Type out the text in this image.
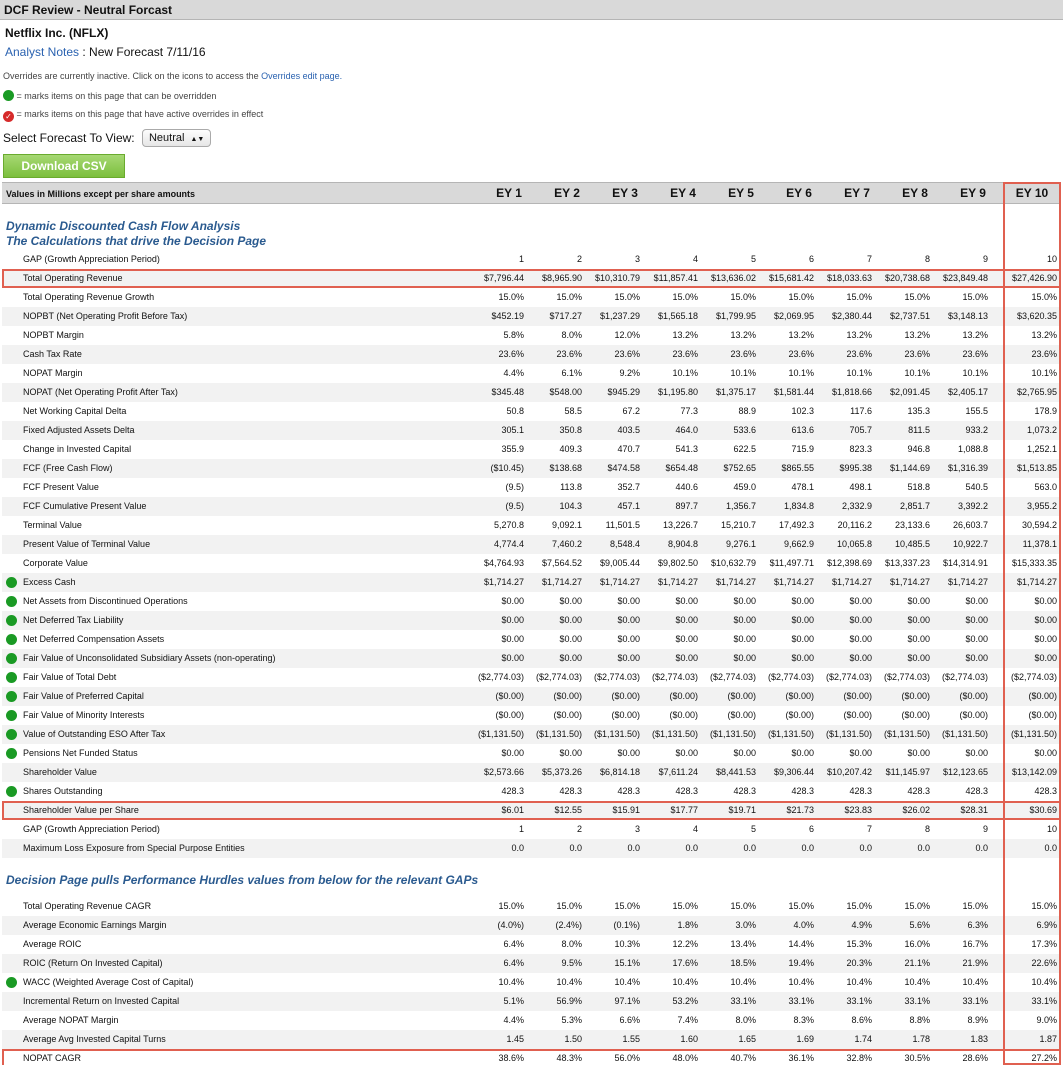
DCF Review - Neutral Forcast
Netflix Inc. (NFLX)
Analyst Notes : New Forecast 7/11/16
Overrides are currently inactive. Click on the icons to access the Overrides edit page.
= marks items on this page that can be overridden
✓ = marks items on this page that have active overrides in effect
Select Forecast To View: Neutral ▲▼
Download CSV
Values in Millions except per share amounts	EY 1	EY 2	EY 3	EY 4	EY 5	EY 6	EY 7	EY 8	EY 9	EY 10
Dynamic Discounted Cash Flow Analysis
The Calculations that drive the Decision Page
GAP (Growth Appreciation Period)	1	2	3	4	5	6	7	8	9	10
Total Operating Revenue	$7,796.44	$8,965.90	$10,310.79	$11,857.41	$13,636.02	$15,681.42	$18,033.63	$20,738.68	$23,849.48	$27,426.90
Total Operating Revenue Growth	15.0%	15.0%	15.0%	15.0%	15.0%	15.0%	15.0%	15.0%	15.0%	15.0%
NOPBT (Net Operating Profit Before Tax)	$452.19	$717.27	$1,237.29	$1,565.18	$1,799.95	$2,069.95	$2,380.44	$2,737.51	$3,148.13	$3,620.35
NOPBT Margin	5.8%	8.0%	12.0%	13.2%	13.2%	13.2%	13.2%	13.2%	13.2%	13.2%
Cash Tax Rate	23.6%	23.6%	23.6%	23.6%	23.6%	23.6%	23.6%	23.6%	23.6%	23.6%
NOPAT Margin	4.4%	6.1%	9.2%	10.1%	10.1%	10.1%	10.1%	10.1%	10.1%	10.1%
NOPAT (Net Operating Profit After Tax)	$345.48	$548.00	$945.29	$1,195.80	$1,375.17	$1,581.44	$1,818.66	$2,091.45	$2,405.17	$2,765.95
Net Working Capital Delta	50.8	58.5	67.2	77.3	88.9	102.3	117.6	135.3	155.5	178.9
Fixed Adjusted Assets Delta	305.1	350.8	403.5	464.0	533.6	613.6	705.7	811.5	933.2	1,073.2
Change in Invested Capital	355.9	409.3	470.7	541.3	622.5	715.9	823.3	946.8	1,088.8	1,252.1
FCF (Free Cash Flow)	($10.45)	$138.68	$474.58	$654.48	$752.65	$865.55	$995.38	$1,144.69	$1,316.39	$1,513.85
FCF Present Value	(9.5)	113.8	352.7	440.6	459.0	478.1	498.1	518.8	540.5	563.0
FCF Cumulative Present Value	(9.5)	104.3	457.1	897.7	1,356.7	1,834.8	2,332.9	2,851.7	3,392.2	3,955.2
Terminal Value	5,270.8	9,092.1	11,501.5	13,226.7	15,210.7	17,492.3	20,116.2	23,133.6	26,603.7	30,594.2
Present Value of Terminal Value	4,774.4	7,460.2	8,548.4	8,904.8	9,276.1	9,662.9	10,065.8	10,485.5	10,922.7	11,378.1
Corporate Value	$4,764.93	$7,564.52	$9,005.44	$9,802.50	$10,632.79	$11,497.71	$12,398.69	$13,337.23	$14,314.91	$15,333.35
Excess Cash	$1,714.27	$1,714.27	$1,714.27	$1,714.27	$1,714.27	$1,714.27	$1,714.27	$1,714.27	$1,714.27	$1,714.27
Net Assets from Discontinued Operations	$0.00	$0.00	$0.00	$0.00	$0.00	$0.00	$0.00	$0.00	$0.00	$0.00
Net Deferred Tax Liability	$0.00	$0.00	$0.00	$0.00	$0.00	$0.00	$0.00	$0.00	$0.00	$0.00
Net Deferred Compensation Assets	$0.00	$0.00	$0.00	$0.00	$0.00	$0.00	$0.00	$0.00	$0.00	$0.00
Fair Value of Unconsolidated Subsidiary Assets (non-operating)	$0.00	$0.00	$0.00	$0.00	$0.00	$0.00	$0.00	$0.00	$0.00	$0.00
Fair Value of Total Debt	($2,774.03)	($2,774.03)	($2,774.03)	($2,774.03)	($2,774.03)	($2,774.03)	($2,774.03)	($2,774.03)	($2,774.03)	($2,774.03)
Fair Value of Preferred Capital	($0.00)	($0.00)	($0.00)	($0.00)	($0.00)	($0.00)	($0.00)	($0.00)	($0.00)	($0.00)
Fair Value of Minority Interests	($0.00)	($0.00)	($0.00)	($0.00)	($0.00)	($0.00)	($0.00)	($0.00)	($0.00)	($0.00)
Value of Outstanding ESO After Tax	($1,131.50)	($1,131.50)	($1,131.50)	($1,131.50)	($1,131.50)	($1,131.50)	($1,131.50)	($1,131.50)	($1,131.50)	($1,131.50)
Pensions Net Funded Status	$0.00	$0.00	$0.00	$0.00	$0.00	$0.00	$0.00	$0.00	$0.00	$0.00
Shareholder Value	$2,573.66	$5,373.26	$6,814.18	$7,611.24	$8,441.53	$9,306.44	$10,207.42	$11,145.97	$12,123.65	$13,142.09
Shares Outstanding	428.3	428.3	428.3	428.3	428.3	428.3	428.3	428.3	428.3	428.3
Shareholder Value per Share	$6.01	$12.55	$15.91	$17.77	$19.71	$21.73	$23.83	$26.02	$28.31	$30.69
GAP (Growth Appreciation Period)	1	2	3	4	5	6	7	8	9	10
Maximum Loss Exposure from Special Purpose Entities	0.0	0.0	0.0	0.0	0.0	0.0	0.0	0.0	0.0	0.0
Decision Page pulls Performance Hurdles values from below for the relevant GAPs
Total Operating Revenue CAGR	15.0%	15.0%	15.0%	15.0%	15.0%	15.0%	15.0%	15.0%	15.0%	15.0%
Average Economic Earnings Margin	(4.0%)	(2.4%)	(0.1%)	1.8%	3.0%	4.0%	4.9%	5.6%	6.3%	6.9%
Average ROIC	6.4%	8.0%	10.3%	12.2%	13.4%	14.4%	15.3%	16.0%	16.7%	17.3%
ROIC (Return On Invested Capital)	6.4%	9.5%	15.1%	17.6%	18.5%	19.4%	20.3%	21.1%	21.9%	22.6%
WACC (Weighted Average Cost of Capital)	10.4%	10.4%	10.4%	10.4%	10.4%	10.4%	10.4%	10.4%	10.4%	10.4%
Incremental Return on Invested Capital	5.1%	56.9%	97.1%	53.2%	33.1%	33.1%	33.1%	33.1%	33.1%	33.1%
Average NOPAT Margin	4.4%	5.3%	6.6%	7.4%	8.0%	8.3%	8.6%	8.8%	8.9%	9.0%
Average Avg Invested Capital Turns	1.45	1.50	1.55	1.60	1.65	1.69	1.74	1.78	1.83	1.87
NOPAT CAGR	38.6%	48.3%	56.0%	48.0%	40.7%	36.1%	32.8%	30.5%	28.6%	27.2%
